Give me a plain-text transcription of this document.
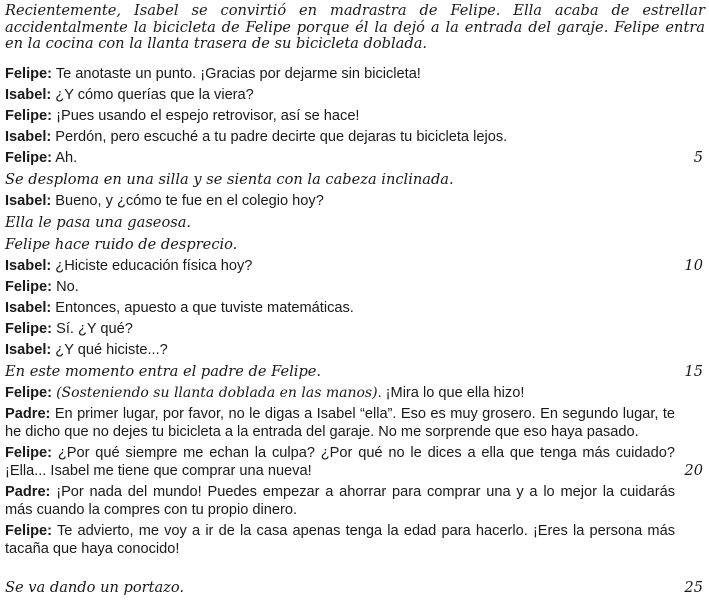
Recientemente, Isabel se convirtió en madrastra de Felipe. Ella acaba de estrellar accidentalmente la bicicleta de Felipe porque él la dejó a la entrada del garaje. Felipe entra en la cocina con la llanta trasera de su bicicleta doblada.

Felipe: Te anotaste un punto. ¡Gracias por dejarme sin bicicleta!
Isabel: ¿Y cómo querías que la viera?
Felipe: ¡Pues usando el espejo retrovisor, así se hace!
Isabel: Perdón, pero escuché a tu padre decirte que dejaras tu bicicleta lejos.
Felipe: Ah.	5
Se desploma en una silla y se sienta con la cabeza inclinada.
Isabel: Bueno, y ¿cómo te fue en el colegio hoy?
Ella le pasa una gaseosa.
Felipe hace ruido de desprecio.
Isabel: ¿Hiciste educación física hoy?	10
Felipe: No.
Isabel: Entonces, apuesto a que tuviste matemáticas.
Felipe: Sí. ¿Y qué?
Isabel: ¿Y qué hiciste...?
En este momento entra el padre de Felipe.	15
Felipe: (Sosteniendo su llanta doblada en las manos). ¡Mira lo que ella hizo!
Padre: En primer lugar, por favor, no le digas a Isabel “ella”. Eso es muy grosero. En segundo lugar, te he dicho que no dejes tu bicicleta a la entrada del garaje. No me sorprende que eso haya pasado.
Felipe: ¿Por qué siempre me echan la culpa? ¿Por qué no le dices a ella que tenga más cuidado? ¡Ella... Isabel me tiene que comprar una nueva!	20
Padre: ¡Por nada del mundo! Puedes empezar a ahorrar para comprar una y a lo mejor la cuidarás más cuando la compres con tu propio dinero.
Felipe: Te advierto, me voy a ir de la casa apenas tenga la edad para hacerlo. ¡Eres la persona más tacaña que haya conocido!
Se va dando un portazo.	25
